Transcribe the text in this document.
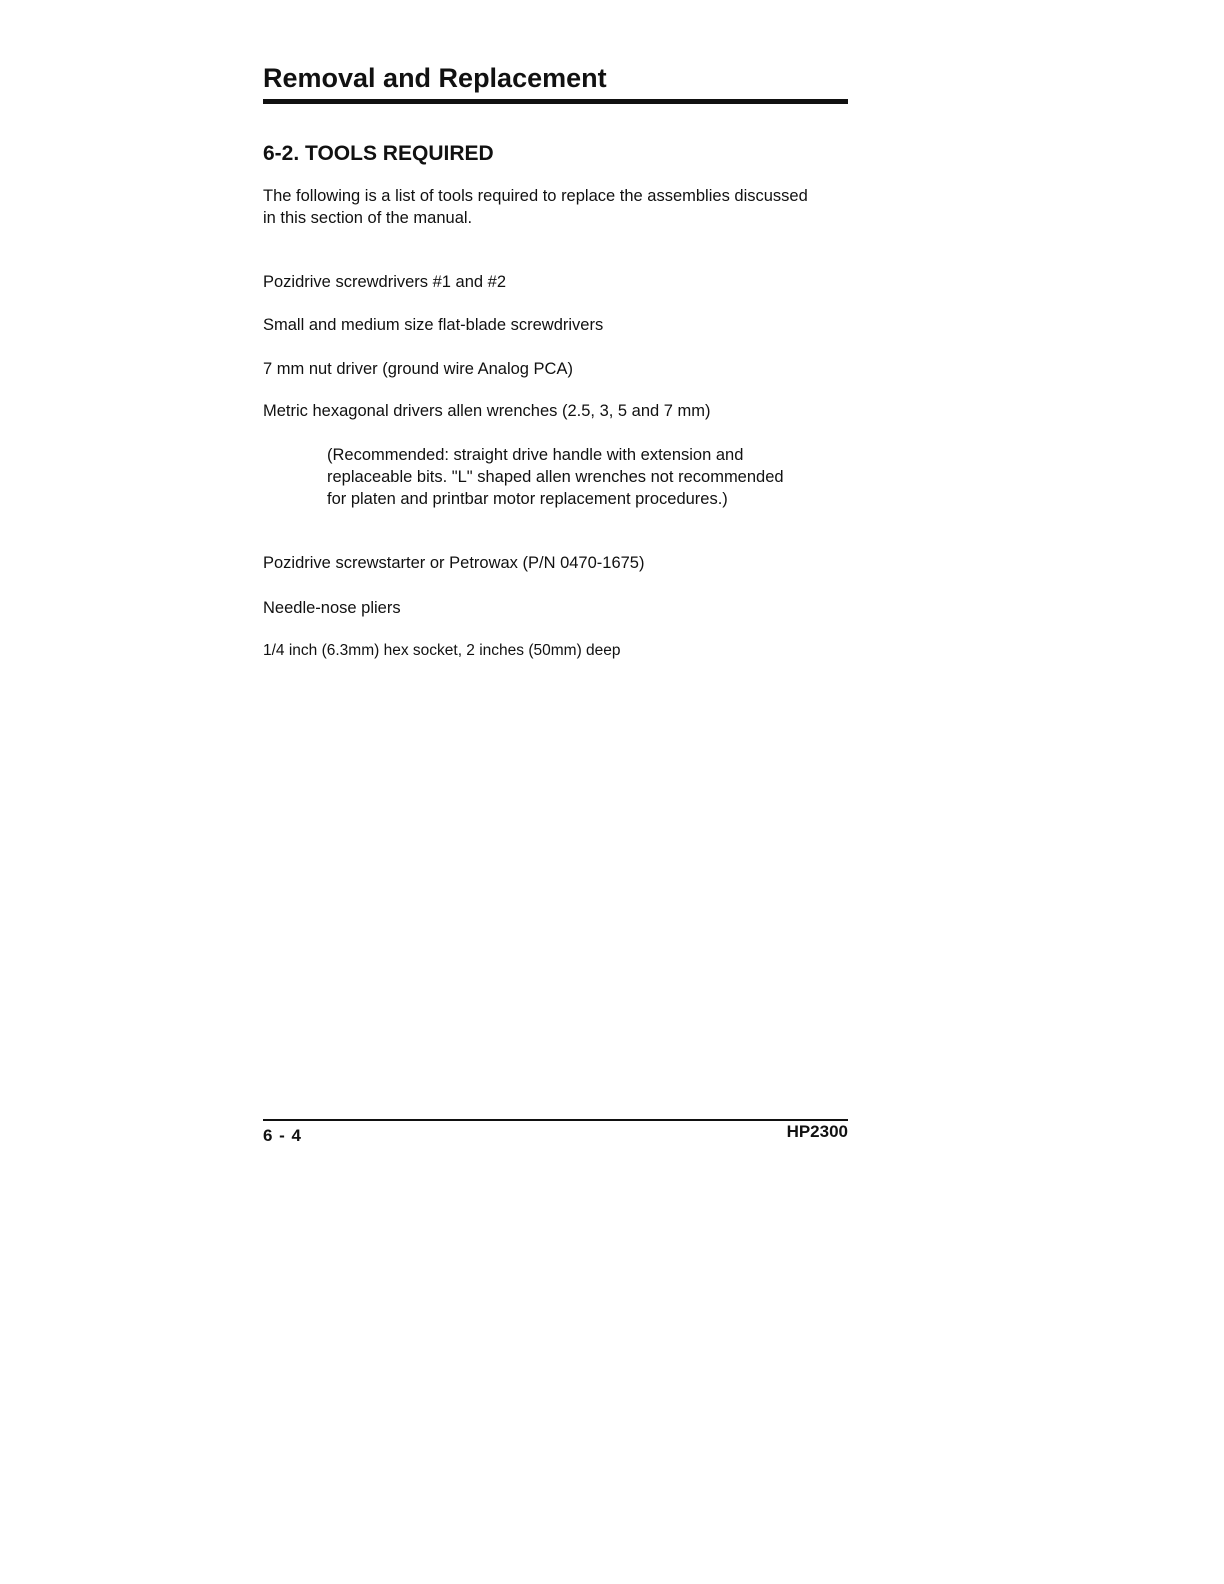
Removal and Replacement
6-2. TOOLS REQUIRED

The following is a list of tools required to replace the assemblies discussed in this section of the manual.

Pozidrive screwdrivers #1 and #2

Small and medium size flat-blade screwdrivers

7 mm nut driver (ground wire Analog PCA)

Metric hexagonal drivers allen wrenches (2.5, 3, 5 and 7 mm)

(Recommended: straight drive handle with extension and replaceable bits. "L" shaped allen wrenches not recommended for platen and printbar motor replacement procedures.)

Pozidrive screwstarter or Petrowax (P/N 0470-1675)

Needle-nose pliers

1/4 inch (6.3mm) hex socket, 2 inches (50mm) deep

6 - 4	HP2300
